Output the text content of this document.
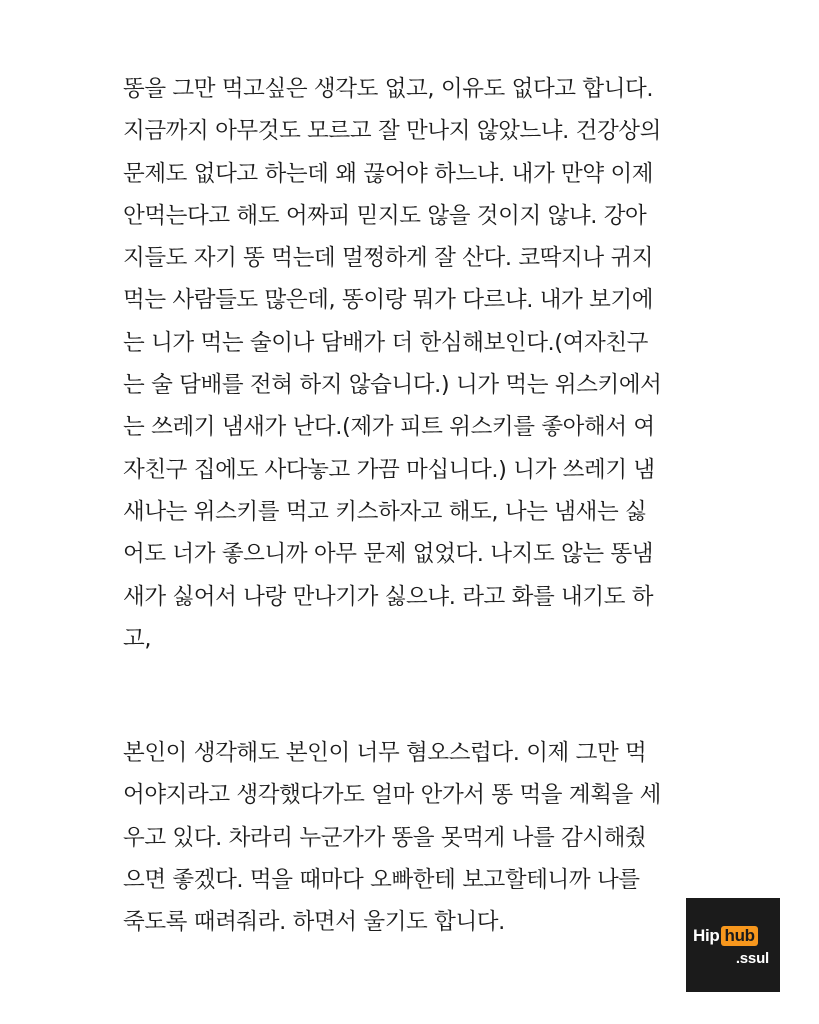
똥을 그만 먹고싶은 생각도 없고, 이유도 없다고 합니다.
지금까지 아무것도 모르고 잘 만나지 않았느냐. 건강상의
문제도 없다고 하는데 왜 끊어야 하느냐. 내가 만약 이제
안먹는다고 해도 어짜피 믿지도 않을 것이지 않냐. 강아
지들도 자기 똥 먹는데 멀쩡하게 잘 산다. 코딱지나 귀지
먹는 사람들도 많은데, 똥이랑 뭐가 다르냐. 내가 보기에
는 니가 먹는 술이나 담배가 더 한심해보인다.(여자친구
는 술 담배를 전혀 하지 않습니다.) 니가 먹는 위스키에서
는 쓰레기 냄새가 난다.(제가 피트 위스키를 좋아해서 여
자친구 집에도 사다놓고 가끔 마십니다.) 니가 쓰레기 냄
새나는 위스키를 먹고 키스하자고 해도, 나는 냄새는 싫
어도 너가 좋으니까 아무 문제 없었다. 나지도 않는 똥냄
새가 싫어서 나랑 만나기가 싫으냐. 라고 화를 내기도 하
고,
본인이 생각해도 본인이 너무 혐오스럽다. 이제 그만 먹
어야지라고 생각했다가도 얼마 안가서 똥 먹을 계획을 세
우고 있다. 차라리 누군가가 똥을 못먹게 나를 감시해줬
으면 좋겠다. 먹을 때마다 오빠한테 보고할테니까 나를
죽도록 때려줘라. 하면서 울기도 합니다.
Hip hub
.ssul
